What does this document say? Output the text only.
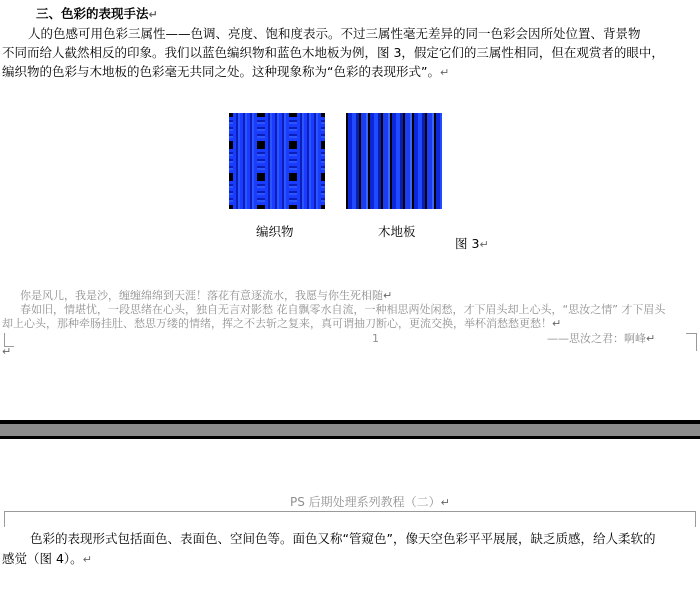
三、色彩的表现手法↵
人的色感可用色彩三属性——色调、亮度、饱和度表示。不过三属性毫无差异的同一色彩会因所处位置、背景物
不同而给人截然相反的印象。我们以蓝色编织物和蓝色木地板为例，图 3，假定它们的三属性相同，但在观赏者的眼中，
编织物的色彩与木地板的色彩毫无共同之处。这种现象称为“色彩的表现形式”。↵
编织物	木地板
图 3↵
你是风儿，我是沙，缠缠绵绵到天涯！落花有意逐流水，我愿与你生死相随↵
春如旧，情堪忧，一段思绪在心头，独自无言对影愁 花自飘零水自流，一种相思两处闲愁，才下眉头却上心头，“思汝之情” 才下眉头
却上心头，那种牵肠挂肚、愁思万缕的情绪，挥之不去斩之复来，真可谓抽刀断心，更流交换，举杯消愁愁更愁！↵
1	——思汝之君：啊峰↵
↵
PS 后期处理系列教程（二）↵
色彩的表现形式包括面色、表面色、空间色等。面色又称“管窥色”，像天空色彩平平展展，缺乏质感，给人柔软的
感觉（图 4）。↵
